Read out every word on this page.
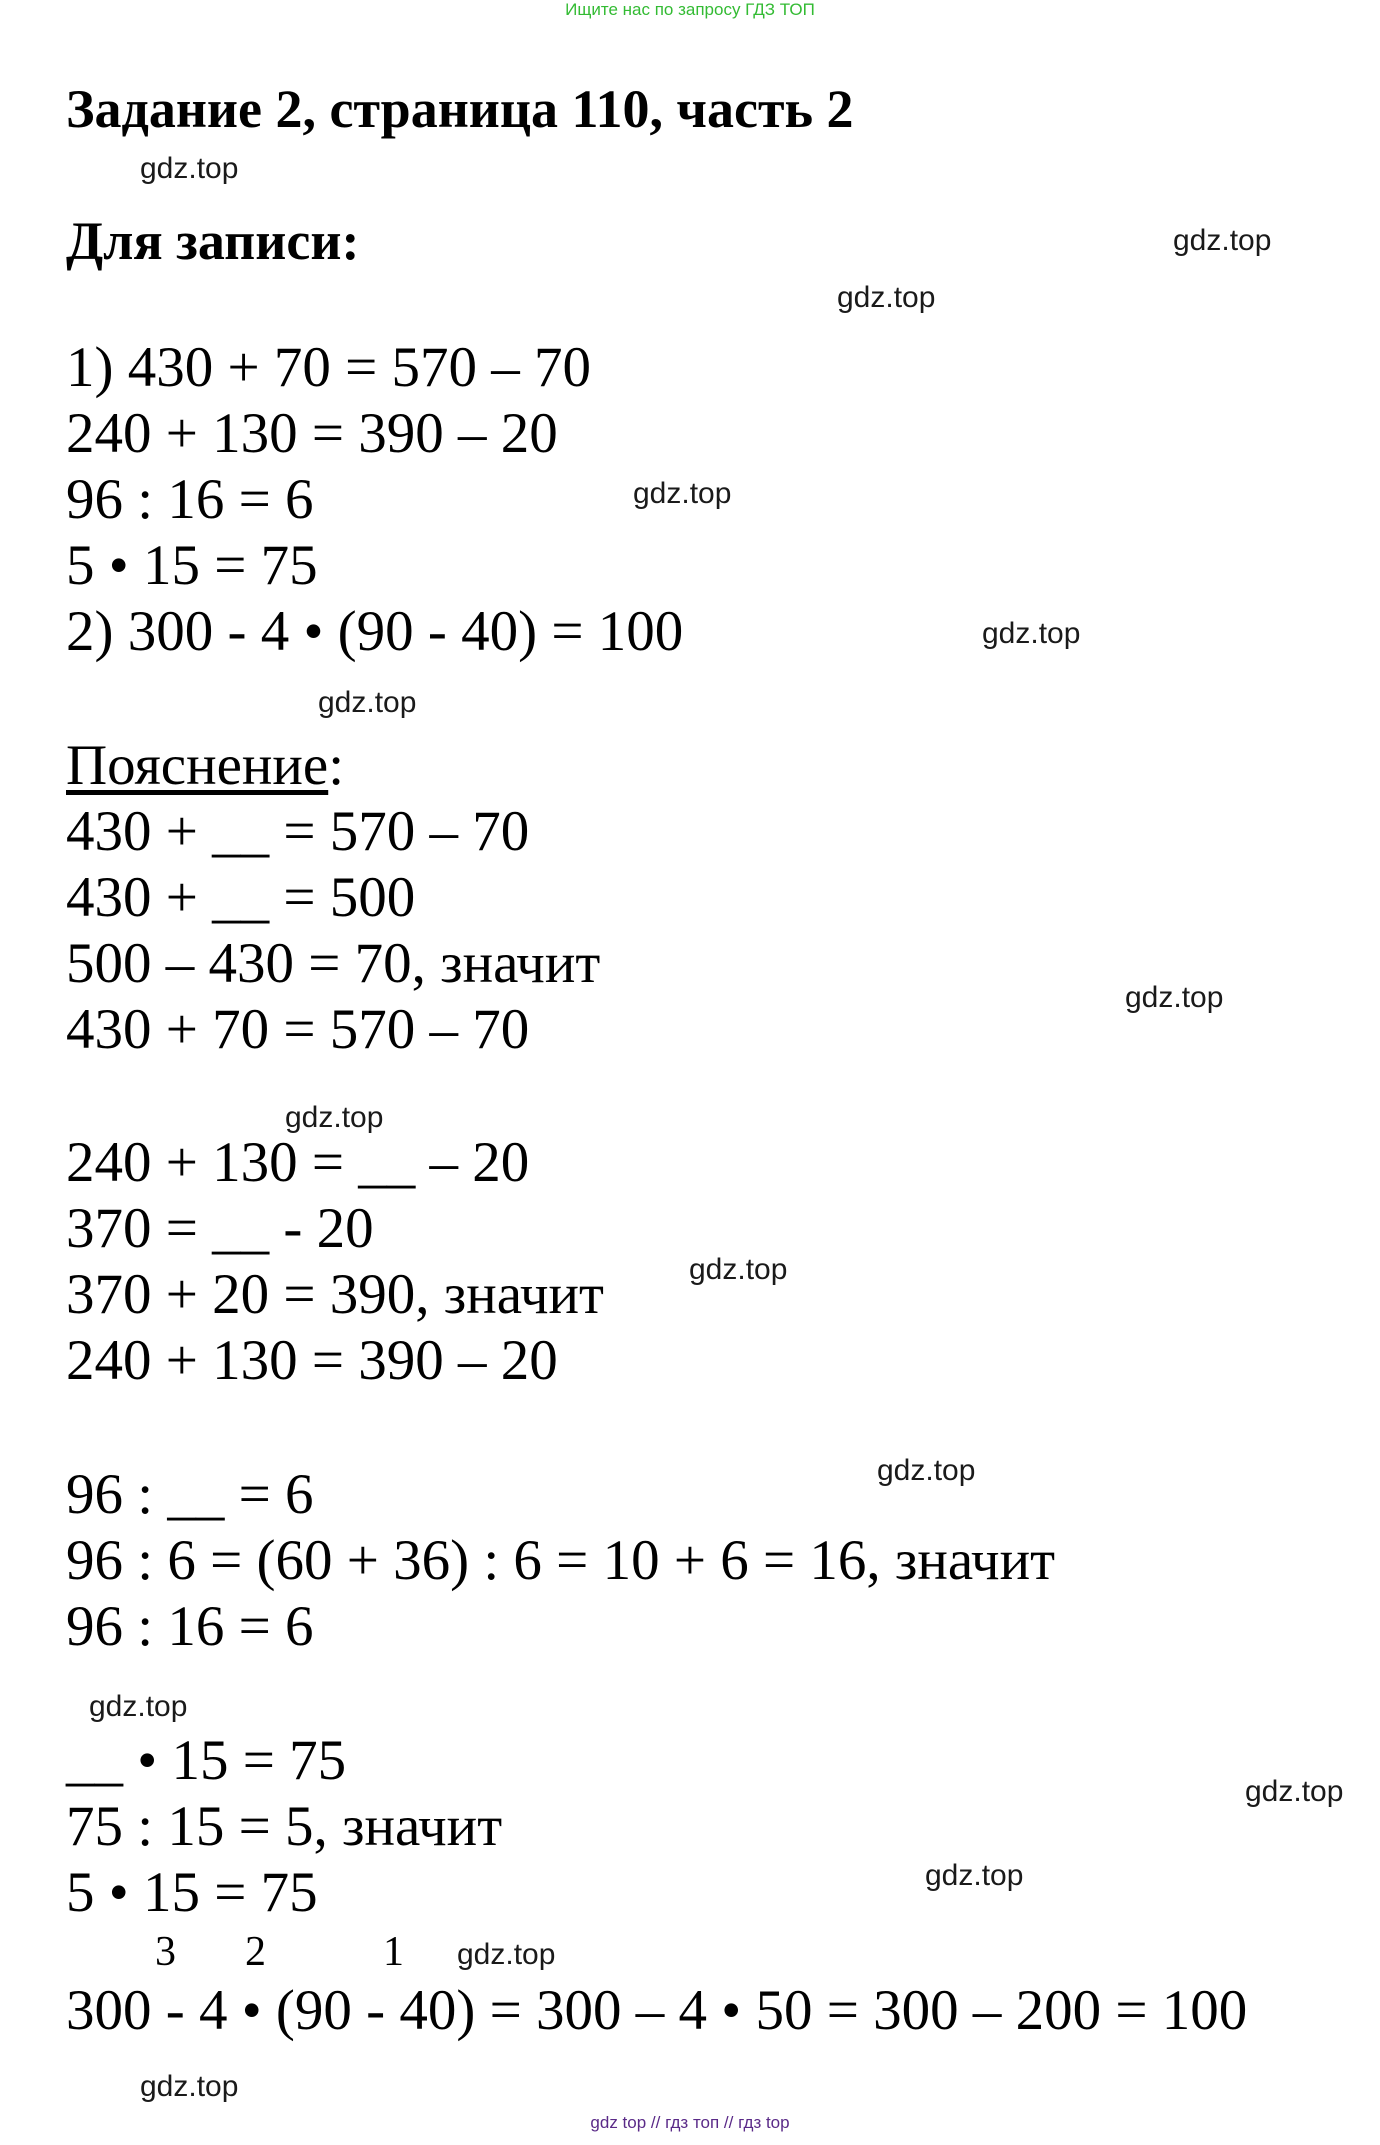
Ищите нас по запросу ГДЗ ТОП
Задание 2, страница 110, часть 2
Для записи:
1) 430 + 70 = 570 – 70
240 + 130 = 390 – 20
96 : 16 = 6
5 • 15 = 75
2) 300 - 4 • (90 - 40) = 100
Пояснение:
430 + __ = 570 – 70
430 + __ = 500
500 – 430 = 70, значит
430 + 70 = 570 – 70
240 + 130 = __ – 20
370 = __ - 20
370 + 20 = 390, значит
240 + 130 = 390 – 20
96 : __ = 6
96 : 6 = (60 + 36) : 6 = 10 + 6 = 16, значит
96 : 16 = 6
__ • 15 = 75
75 : 15 = 5, значит
5 • 15 = 75
3 2	1
300 - 4 • (90 - 40) = 300 – 4 • 50 = 300 – 200 = 100
gdz.top
gdz.top
gdz.top
gdz.top
gdz.top
gdz.top
gdz.top
gdz.top
gdz.top
gdz.top
gdz.top
gdz.top
gdz.top
gdz.top
gdz.top
gdz top // гдз топ // гдз top
